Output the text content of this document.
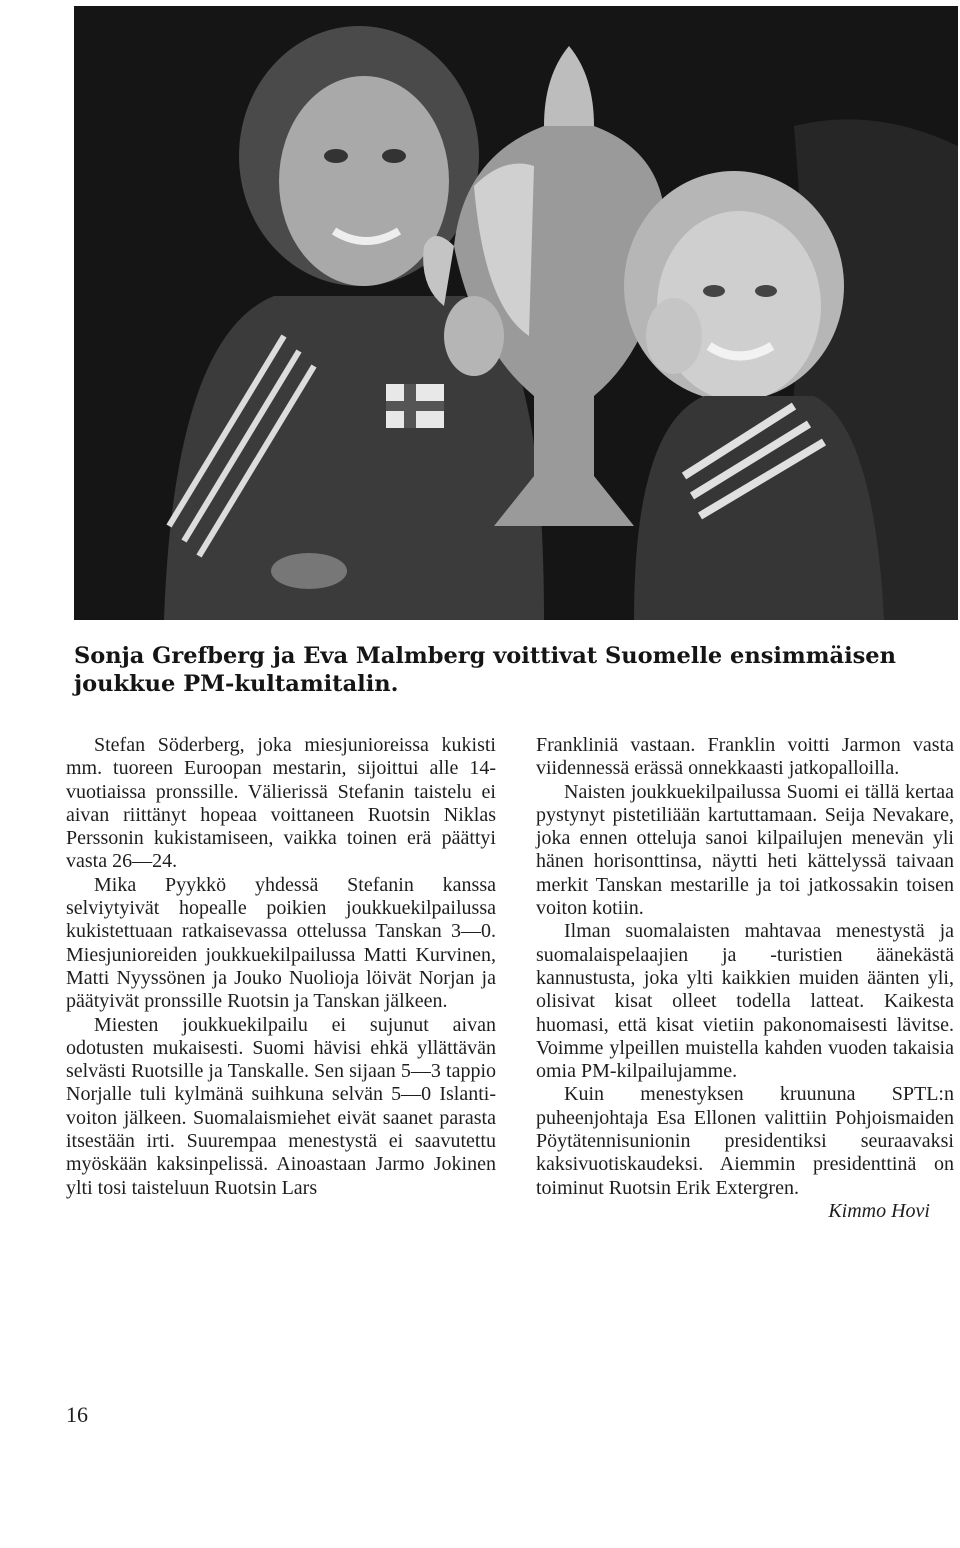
Sonja Grefberg ja Eva Malmberg voittivat Suomelle ensimmäisen joukkue PM-kultamitalin.

Stefan Söderberg, joka miesjunioreissa kukisti mm. tuoreen Euroopan mestarin, sijoittui alle 14-vuotiaissa pronssille. Välierissä Stefanin taistelu ei aivan riittänyt hopeaa voittaneen Ruotsin Niklas Perssonin kukistamiseen, vaikka toinen erä päättyi vasta 26—24.

Mika Pyykkö yhdessä Stefanin kanssa selviytyivät hopealle poikien joukkuekilpailussa kukistettuaan ratkaisevassa ottelussa Tanskan 3—0. Miesjunioreiden joukkuekilpailussa Matti Kurvinen, Matti Nyyssönen ja Jouko Nuolioja löivät Norjan ja päätyivät pronssille Ruotsin ja Tanskan jälkeen.

Miesten joukkuekilpailu ei sujunut aivan odotusten mukaisesti. Suomi hävisi ehkä yllättävän selvästi Ruotsille ja Tanskalle. Sen sijaan 5—3 tappio Norjalle tuli kylmänä suihkuna selvän 5—0 Islanti-voiton jälkeen. Suomalaismiehet eivät saanet parasta itsestään irti. Suurempaa menestystä ei saavutettu myöskään kaksinpelissä. Ainoastaan Jarmo Jokinen ylti tosi taisteluun Ruotsin Lars

Frankliniä vastaan. Franklin voitti Jarmon vasta viidennessä erässä onnekkaasti jatkopalloilla.

Naisten joukkuekilpailussa Suomi ei tällä kertaa pystynyt pistetiliään kartuttamaan. Seija Nevakare, joka ennen otteluja sanoi kilpailujen menevän yli hänen horisonttinsa, näytti heti kättelyssä taivaan merkit Tanskan mestarille ja toi jatkossakin toisen voiton kotiin.

Ilman suomalaisten mahtavaa menestystä ja suomalaispelaajien ja -turistien äänekästä kannustusta, joka ylti kaikkien muiden äänten yli, olisivat kisat olleet todella latteat. Kaikesta huomasi, että kisat vietiin pakonomaisesti lävitse. Voimme ylpeillen muistella kahden vuoden takaisia omia PM-kilpailujamme.

Kuin menestyksen kruununa SPTL:n puheenjohtaja Esa Ellonen valittiin Pohjoismaiden Pöytätennisunionin presidentiksi seuraavaksi kaksivuotiskaudeksi. Aiemmin presidenttinä on toiminut Ruotsin Erik Extergren.

Kimmo Hovi

16
